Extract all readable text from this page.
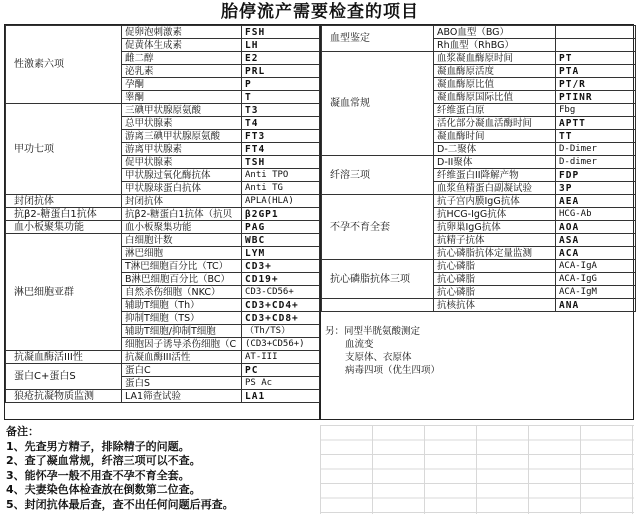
胎停流产需要检查的项目
性激素六项	促卵泡刺激素	FSH
	促黄体生成素	LH
	雌二醇	E2
	泌乳素	PRL
	孕酮	P
	睾酮	T
甲功七项	三碘甲状腺原氨酸	T3
	总甲状腺素	T4
	游离三碘甲状腺原氨酸	FT3
	游离甲状腺素	FT4
	促甲状腺素	TSH
	甲状腺过氧化酶抗体	Anti TPO
	甲状腺球蛋白抗体	Anti TG
封闭抗体	封闭抗体	APLA(HLA)
抗β2-糖蛋白1抗体	抗β2-糖蛋白1抗体（抗贝	β2GP1
血小板聚集功能	血小板聚集功能	PAG
淋巴细胞亚群	白细胞计数	WBC
	淋巴细胞	LYM
	T淋巴细胞百分比（TC）	CD3+
	B淋巴细胞百分比（BC）	CD19+
	自然杀伤细胞（NKC）	CD3-CD56+
	辅助T细胞（Th）	CD3+CD4+
	抑制T细胞（TS）	CD3+CD8+
	辅助T细胞/抑制T细胞	（Th/TS）
	细胞因子诱导杀伤细胞（C	(CD3+CD56+)
抗凝血酶活III性	抗凝血酶III活性	AT-III
蛋白C+蛋白S	蛋白C	PC
	蛋白S	PS Ac
狼疮抗凝物质监测	LA1筛查试验	LA1
血型鉴定	ABO血型（BG）	
	Rh血型（RhBG）	
凝血常规	血浆凝血酶原时间	PT
	凝血酶原活度	PTA
	凝血酶原比值	PT/R
	凝血酶原国际比值	PTINR
	纤维蛋白原	Fbg
	活化部分凝血活酶时间	APTT
	凝血酶时间	TT
	D-二聚体	D-Dimer
纤溶三项	D-II聚体	D-dimer
	纤维蛋白II降解产物	FDP
	血浆鱼精蛋白副凝试验	3P
不孕不育全套	抗子宫内膜IgG抗体	AEA
	抗HCG-IgG抗体	HCG-Ab
	抗卵巢IgG抗体	AOA
	抗精子抗体	ASA
	抗心磷脂抗体定量监测	ACA
抗心磷脂抗体三项	抗心磷脂	ACA-IgA
	抗心磷脂	ACA-IgG
	抗心磷脂	ACA-IgM
	抗核抗体	ANA
另：同型半胱氨酸测定
血流变
支原体、衣原体
病毒四项（优生四项）
备注：
1、先查男方精子，排除精子的问题。
2、查了凝血常规，纤溶三项可以不查。
3、能怀孕一般不用查不孕不育全套。
4、夫妻染色体检查放在倒数第二位查。
5、封闭抗体最后查，查不出任何问题后再查。
